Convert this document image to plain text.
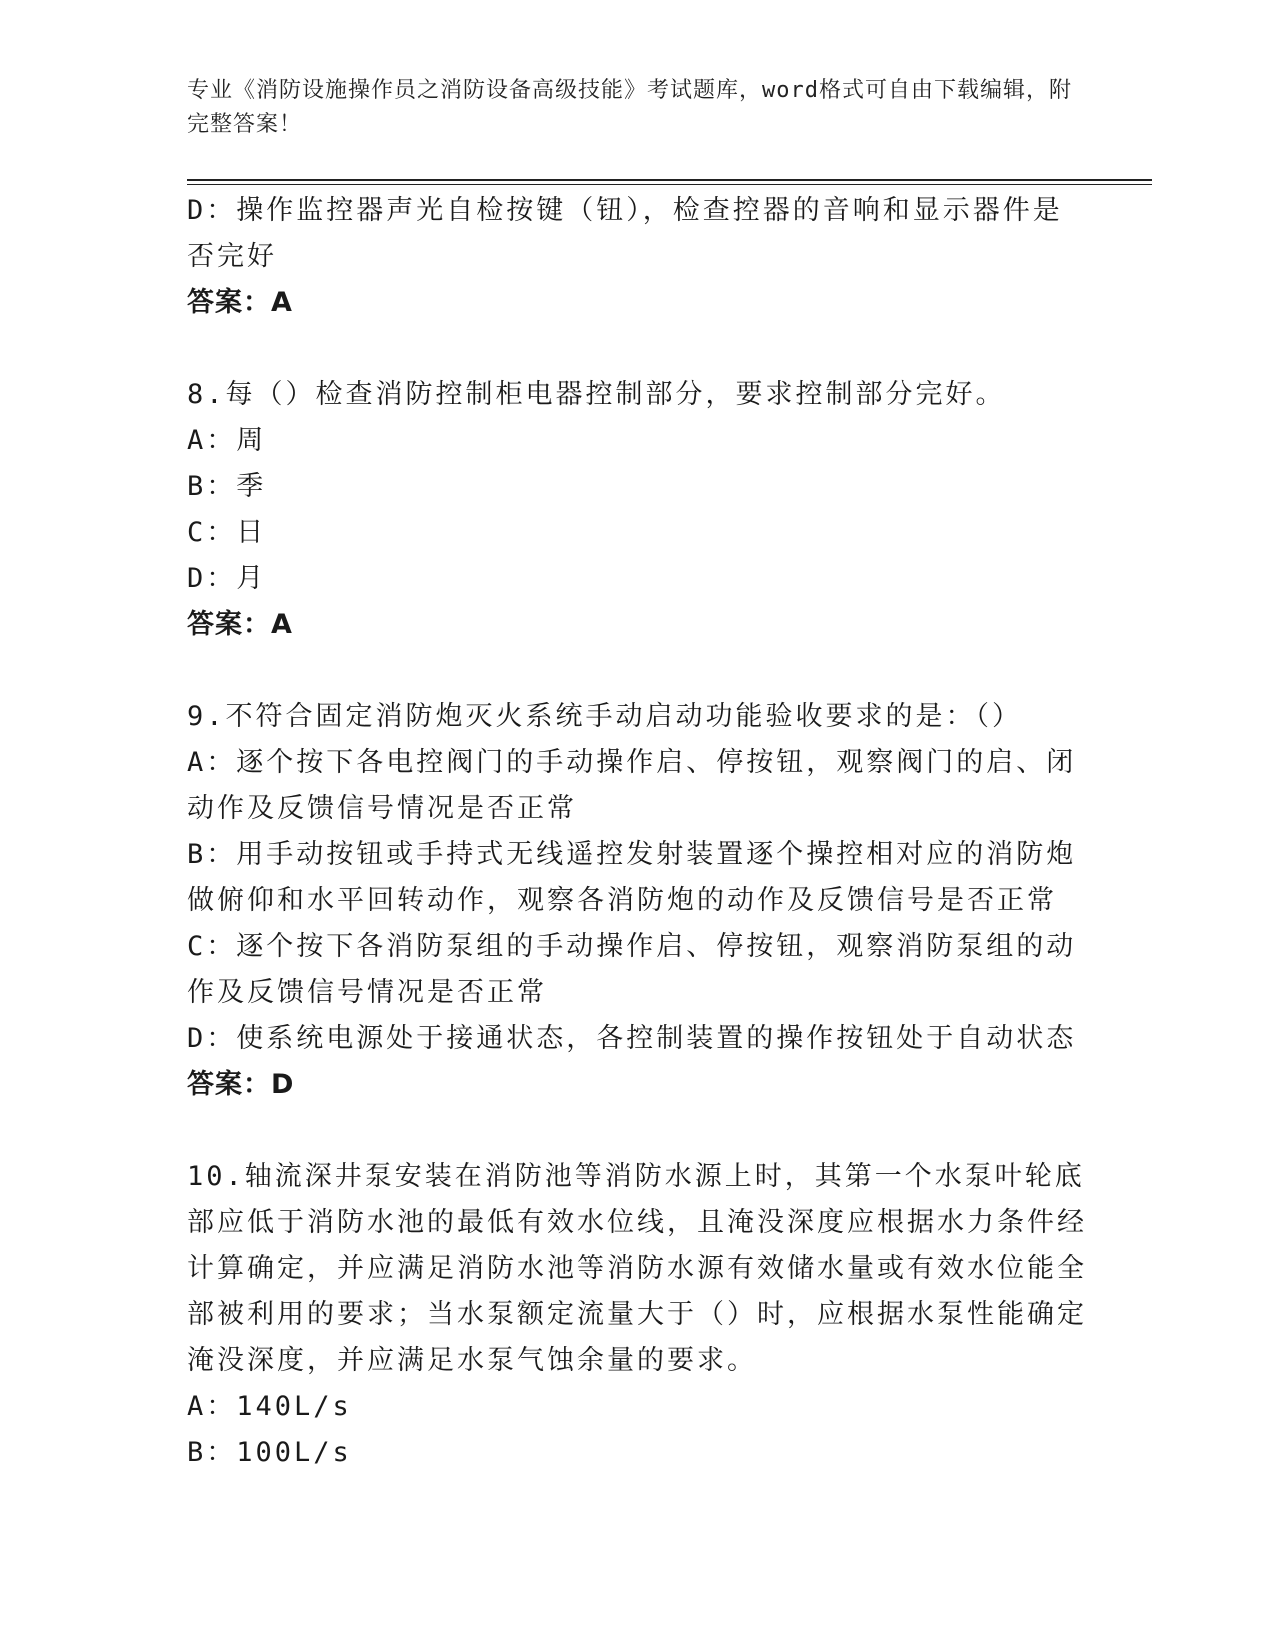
专业《消防设施操作员之消防设备高级技能》考试题库，word格式可自由下载编辑，附完整答案！

D：操作监控器声光自检按键（钮），检查控器的音响和显示器件是否完好

答案：A

8.每（）检查消防控制柜电器控制部分，要求控制部分完好。

A：周

B：季

C：日

D：月

答案：A

9.不符合固定消防炮灭火系统手动启动功能验收要求的是：（）

A：逐个按下各电控阀门的手动操作启、停按钮，观察阀门的启、闭动作及反馈信号情况是否正常

B：用手动按钮或手持式无线遥控发射装置逐个操控相对应的消防炮做俯仰和水平回转动作，观察各消防炮的动作及反馈信号是否正常

C：逐个按下各消防泵组的手动操作启、停按钮，观察消防泵组的动作及反馈信号情况是否正常

D：使系统电源处于接通状态，各控制装置的操作按钮处于自动状态

答案：D

10.轴流深井泵安装在消防池等消防水源上时，其第一个水泵叶轮底部应低于消防水池的最低有效水位线，且淹没深度应根据水力条件经计算确定，并应满足消防水池等消防水源有效储水量或有效水位能全部被利用的要求；当水泵额定流量大于（）时，应根据水泵性能确定淹没深度，并应满足水泵气蚀余量的要求。

A：140L/s

B：100L/s
